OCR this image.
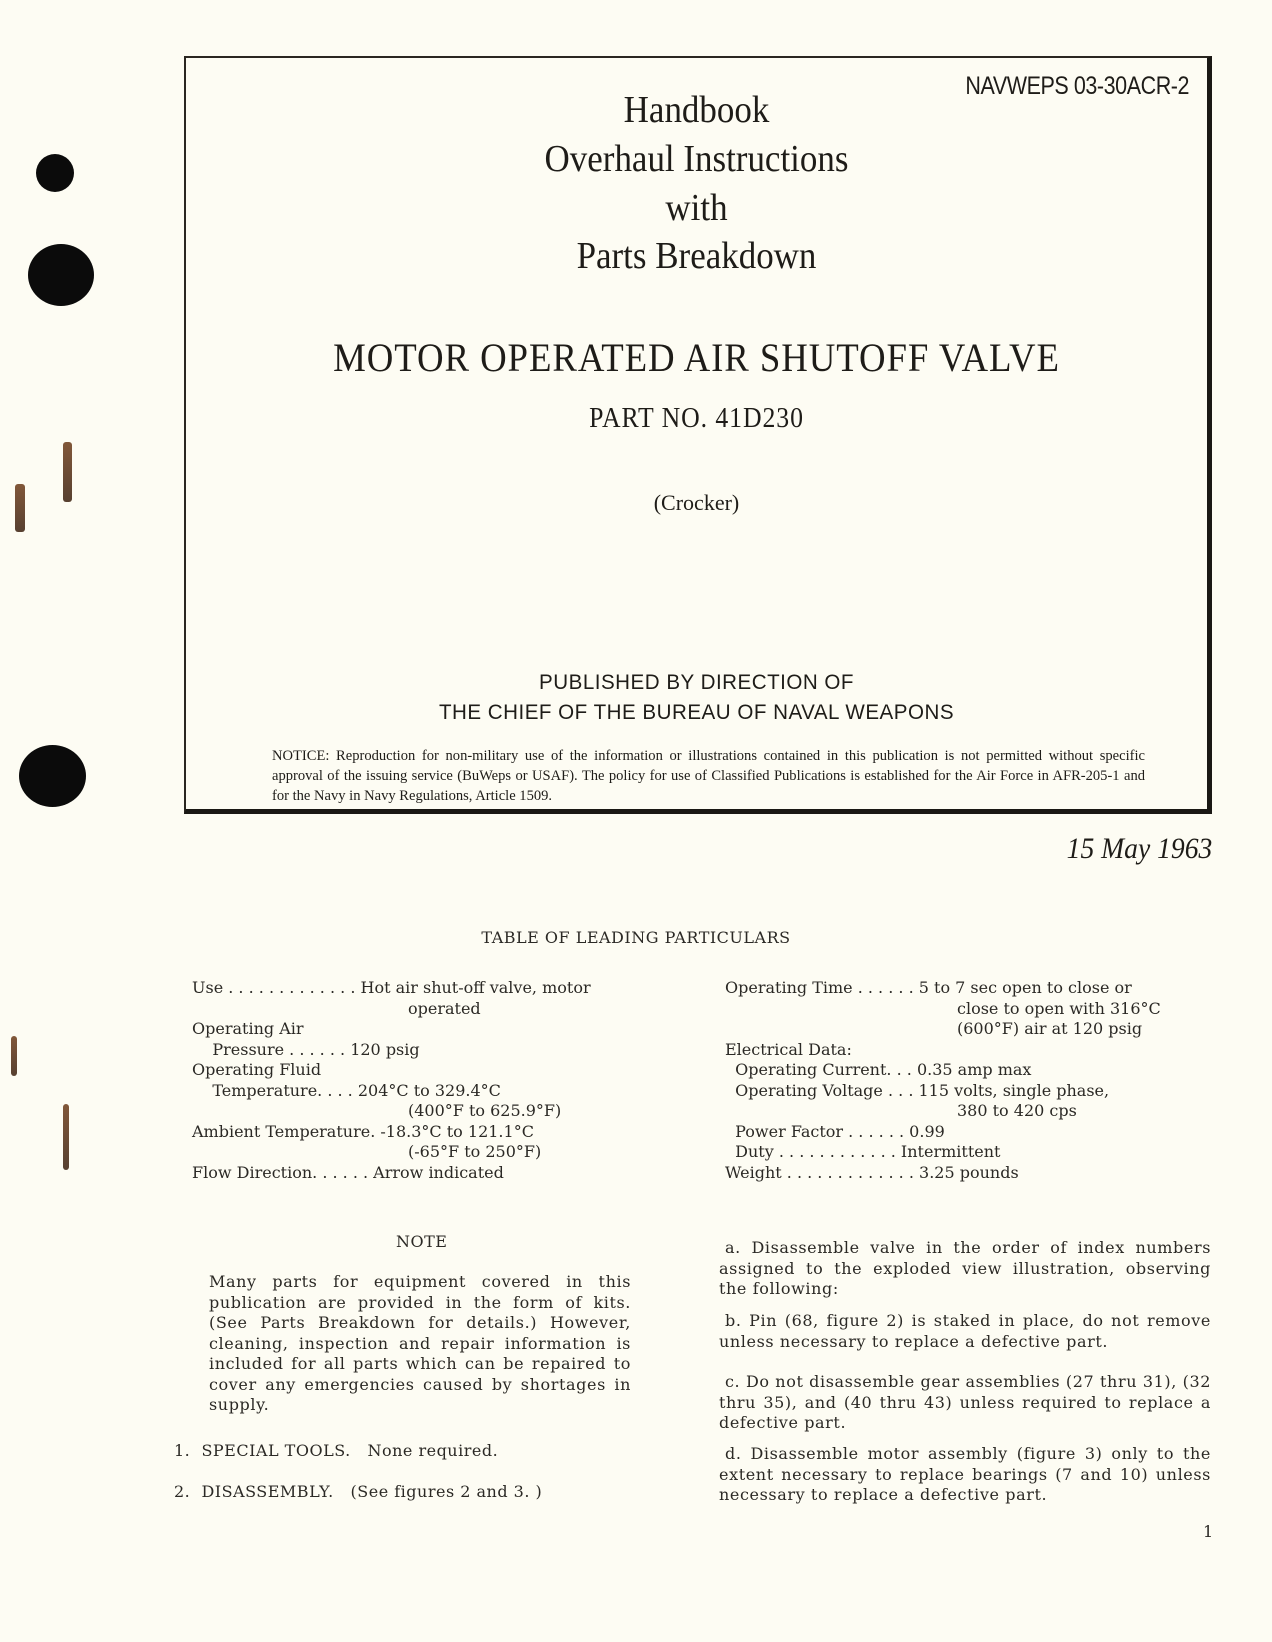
NAVWEPS 03-30ACR-2
Handbook
Overhaul Instructions
with
Parts Breakdown
MOTOR OPERATED AIR SHUTOFF VALVE
PART NO. 41D230
(Crocker)
PUBLISHED BY DIRECTION OF
THE CHIEF OF THE BUREAU OF NAVAL WEAPONS
NOTICE: Reproduction for non-military use of the information or illustrations contained in this publication is not permitted without specific approval of the issuing service (BuWeps or USAF). The policy for use of Classified Publications is established for the Air Force in AFR-205-1 and for the Navy in Navy Regulations, Article 1509.
15 May 1963
TABLE OF LEADING PARTICULARS
Use . . . . . . . . . . . . . Hot air shut-off valve, motor
operated
Operating Air
Pressure . . . . . . 120 psig
Operating Fluid
Temperature. . . . 204°C to 329.4°C
(400°F to 625.9°F)
Ambient Temperature. -18.3°C to 121.1°C
(-65°F to 250°F)
Flow Direction. . . . . . Arrow indicated
Operating Time . . . . . . 5 to 7 sec open to close or
close to open with 316°C
(600°F) air at 120 psig
Electrical Data:
Operating Current. . . 0.35 amp max
Operating Voltage . . . 115 volts, single phase,
380 to 420 cps
Power Factor . . . . . . 0.99
Duty . . . . . . . . . . . . Intermittent
Weight . . . . . . . . . . . . . 3.25 pounds
NOTE
Many parts for equipment covered in this publication are provided in the form of kits. (See Parts Breakdown for details.) However, cleaning, inspection and repair information is included for all parts which can be repaired to cover any emergencies caused by shortages in supply.
1. SPECIAL TOOLS. None required.
2. DISASSEMBLY. (See figures 2 and 3. )
a. Disassemble valve in the order of index numbers assigned to the exploded view illustration, observing the following:
b. Pin (68, figure 2) is staked in place, do not remove unless necessary to replace a defective part.
c. Do not disassemble gear assemblies (27 thru 31), (32 thru 35), and (40 thru 43) unless required to replace a defective part.
d. Disassemble motor assembly (figure 3) only to the extent necessary to replace bearings (7 and 10) unless necessary to replace a defective part.
1
